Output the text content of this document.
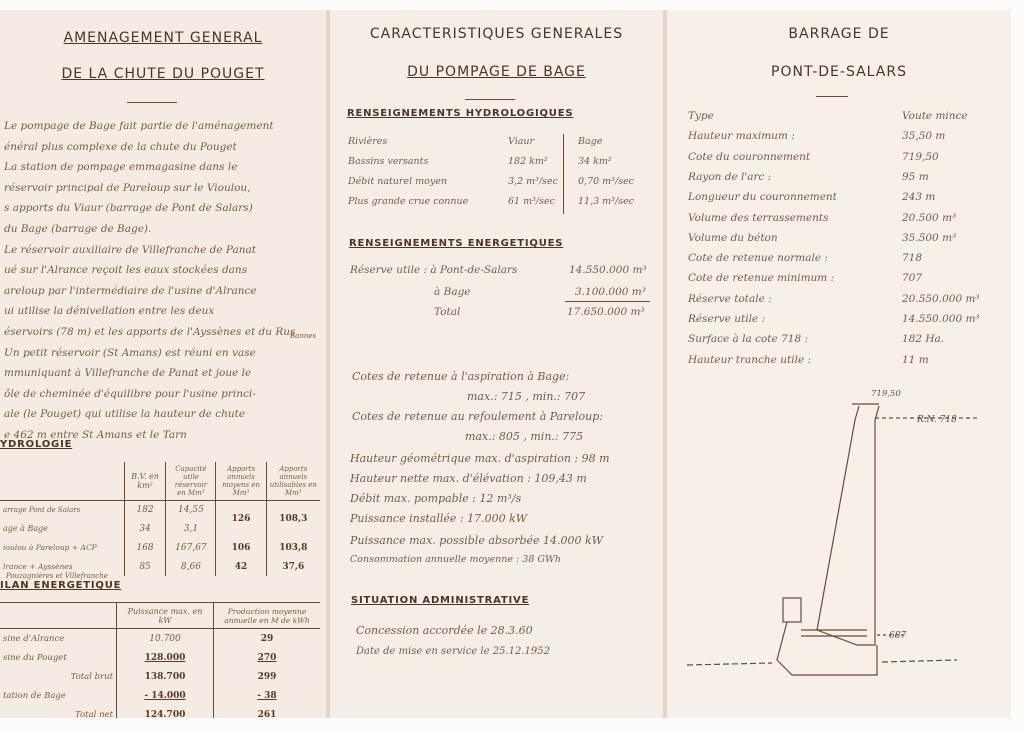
AMENAGEMENT GENERAL
DE LA CHUTE DU POUGET
Le pompage de Bage fait partie de l'aménagement
énéral plus complexe de la chute du Pouget
La station de pompage emmagasine dans le
réservoir principal de Pareloup sur le Vioulou,
s apports du Viaur (barrage de Pont de Salars)
du Bage (barrage de Bage).
Le réservoir auxiliaire de Villefranche de Panat
ué sur l'Alrance reçoit les eaux stockées dans
areloup par l'intermédiaire de l'usine d'Alrance
ui utilise la dénivellation entre les deux
éservoirs (78 m) et les apports de l'Ayssènes et du Rus
Un petit réservoir (St Amans) est réuni en vase
mmuniquant à Villefranche de Panat et joue le
ôle de cheminée d'équilibre pour l'usine princi-
ale (le Pouget) qui utilise la hauteur de chute
e 462 m entre St Amans et le Tarn
Bannes
YDROLOGIE
	B.V. en km²	Capacité utile réservoir en Mm³	Apports annuels moyens en Mm³	Apports annuels utilisables en Mm³
arrage Pont de Salars	182	14,55	126	108,3
age à Bage	34	3,1		
ioulou à Pareloup + ACP	168	167,67	106	103,8
lrance + Ayssènes	85	8,66	42	37,6
Pouzagnières et Villefranche
ILAN ENERGETIQUE
	Puissance max. en kW	Production moyenne annuelle en M de kWh
sine d'Alrance	10.700	29
sine du Pouget	128.000	270
Total brut	138.700	299
tation de Bage	- 14.000	- 38
Total net	124.700	261
CARACTERISTIQUES GENERALES
DU POMPAGE DE BAGE
RENSEIGNEMENTS HYDROLOGIQUES
Rivières	Viaur	Bage
Bassins versants	182 km²	34 km²
Débit naturel moyen	3,2 m³/sec 0,70 m³/sec
Plus grande crue connue	61 m³/sec 11,3 m³/sec
RENSEIGNEMENTS ENERGETIQUES
Réserve utile : à Pont-de-Salars	14.550.000 m³
à Bage	3.100.000 m³
Total	17.650.000 m³
Cotes de retenue à l'aspiration à Bage:
max.: 715 , min.: 707
Cotes de retenue au refoulement à Pareloup:
max.: 805 , min.: 775
Hauteur géométrique max. d'aspiration : 98 m
Hauteur nette max. d'élévation : 109,43 m
Débit max. pompable : 12 m³/s
Puissance installée : 17.000 kW
Puissance max. possible absorbée 14.000 kW
Consommation annuelle moyenne : 38 GWh
SITUATION ADMINISTRATIVE
Concession accordée le 28.3.60
Date de mise en service le 25.12.1952
BARRAGE DE
PONT-DE-SALARS
Type	Voute mince
Hauteur maximum :	35,50 m
Cote du couronnement	719,50
Rayon de l'arc :	95 m
Longueur du couronnement	243 m
Volume des terrassements	20.500 m³
Volume du béton	35.500 m³
Cote de retenue normale :	718
Cote de retenue minimum :	707
Réserve totale :	20.550.000 m³
Réserve utile :	14.550.000 m³
Surface à la cote 718 :	182 Ha.
Hauteur tranche utile :	11 m
719,50
R.N. 718
687
